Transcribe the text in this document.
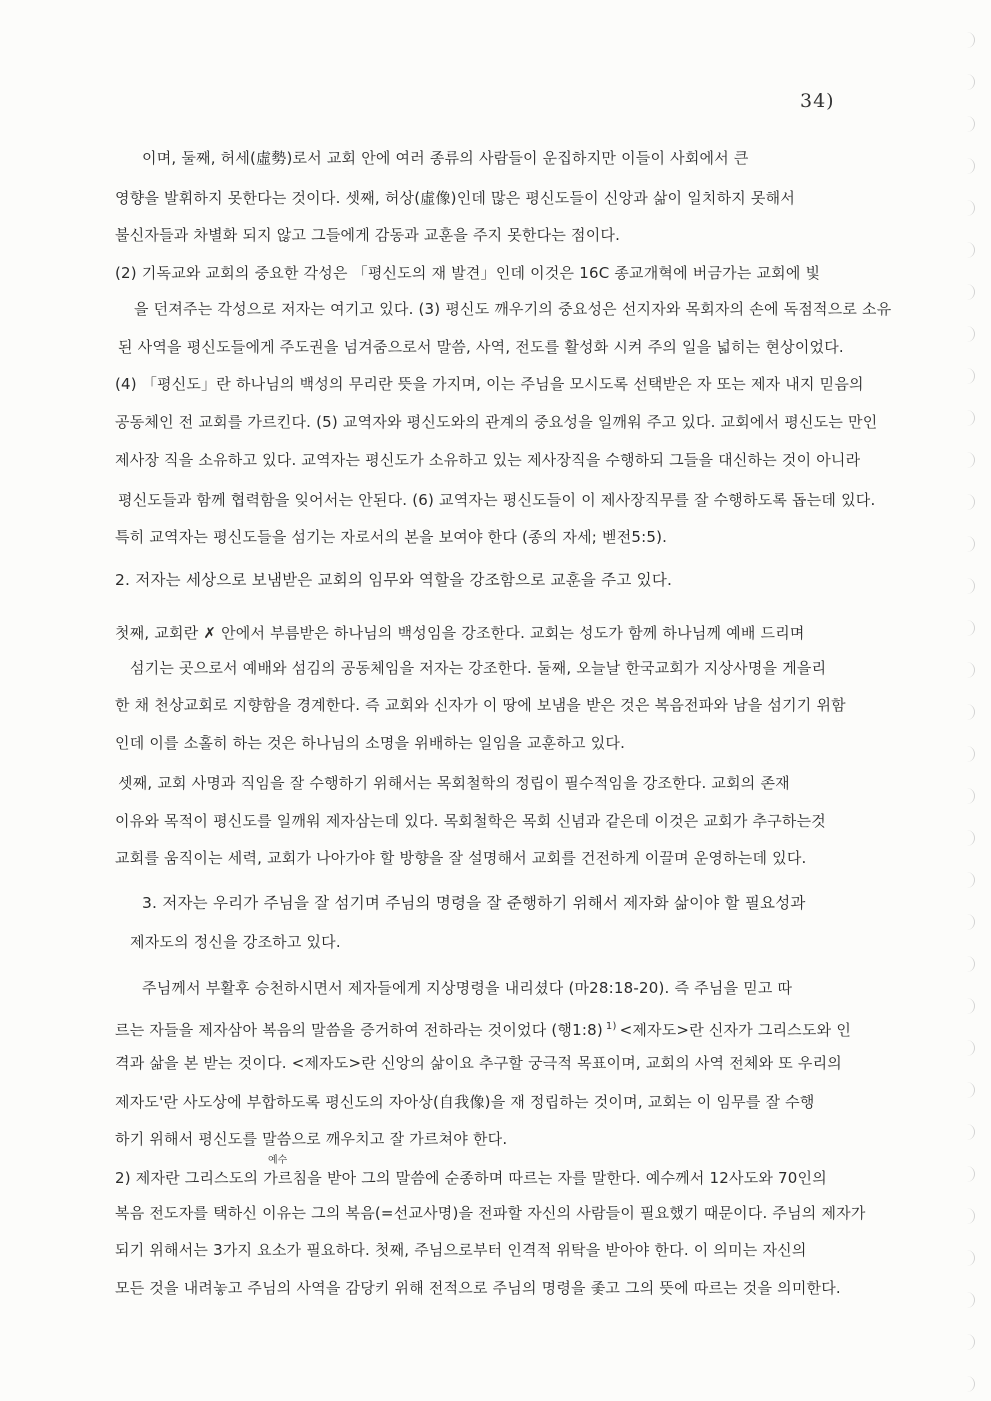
34)
이며, 둘째, 허세(虛勢)로서 교회 안에 여러 종류의 사람들이 운집하지만 이들이 사회에서 큰
영향을 발휘하지 못한다는 것이다. 셋째, 허상(虛像)인데 많은 평신도들이 신앙과 삶이 일치하지 못해서
불신자들과 차별화 되지 않고 그들에게 감동과 교훈을 주지 못한다는 점이다.
(2) 기독교와 교회의 중요한 각성은 「평신도의 재 발견」인데 이것은 16C 종교개혁에 버금가는 교회에 빛
을 던져주는 각성으로 저자는 여기고 있다. (3) 평신도 깨우기의 중요성은 선지자와 목회자의 손에 독점적으로 소유
된 사역을 평신도들에게 주도권을 넘겨줌으로서 말씀, 사역, 전도를 활성화 시켜 주의 일을 넓히는 현상이었다.
(4) 「평신도」란 하나님의 백성의 무리란 뜻을 가지며, 이는 주님을 모시도록 선택받은 자 또는 제자 내지 믿음의
공동체인 전 교회를 가르킨다. (5) 교역자와 평신도와의 관계의 중요성을 일깨워 주고 있다. 교회에서 평신도는 만인
제사장 직을 소유하고 있다. 교역자는 평신도가 소유하고 있는 제사장직을 수행하되 그들을 대신하는 것이 아니라
평신도들과 함께 협력함을 잊어서는 안된다. (6) 교역자는 평신도들이 이 제사장직무를 잘 수행하도록 돕는데 있다.
특히 교역자는 평신도들을 섬기는 자로서의 본을 보여야 한다 (종의 자세; 벧전5:5).
2. 저자는 세상으로 보냄받은 교회의 임무와 역할을 강조함으로 교훈을 주고 있다.
첫째, 교회란 ✗ 안에서 부름받은 하나님의 백성임을 강조한다. 교회는 성도가 함께 하나님께 예배 드리며
섬기는 곳으로서 예배와 섬김의 공동체임을 저자는 강조한다. 둘째, 오늘날 한국교회가 지상사명을 게을리
한 채 천상교회로 지향함을 경계한다. 즉 교회와 신자가 이 땅에 보냄을 받은 것은 복음전파와 남을 섬기기 위함
인데 이를 소홀히 하는 것은 하나님의 소명을 위배하는 일임을 교훈하고 있다.
셋째, 교회 사명과 직임을 잘 수행하기 위해서는 목회철학의 정립이 필수적임을 강조한다. 교회의 존재
이유와 목적이 평신도를 일깨워 제자삼는데 있다. 목회철학은 목회 신념과 같은데 이것은 교회가 추구하는것
교회를 움직이는 세력, 교회가 나아가야 할 방향을 잘 설명해서 교회를 건전하게 이끌며 운영하는데 있다.
3. 저자는 우리가 주님을 잘 섬기며 주님의 명령을 잘 준행하기 위해서 제자화 삶이야 할 필요성과
제자도의 정신을 강조하고 있다.
주님께서 부활후 승천하시면서 제자들에게 지상명령을 내리셨다 (마28:18-20). 즉 주님을 믿고 따
르는 자들을 제자삼아 복음의 말씀을 증거하여 전하라는 것이었다 (행1:8) $^{1)}$ <제자도>란 신자가 그리스도와 인
격과 삶을 본 받는 것이다. <제자도>란 신앙의 삶이요 추구할 궁극적 목표이며, 교회의 사역 전체와 또 우리의
제자도'란 사도상에 부합하도록 평신도의 자아상(自我像)을 재 정립하는 것이며, 교회는 이 임무를 잘 수행
하기 위해서 평신도를 말씀으로 깨우치고 잘 가르쳐야 한다.
예수
2) 제자란 그리스도의 가르침을 받아 그의 말씀에 순종하며 따르는 자를 말한다. 예수께서 12사도와 70인의
복음 전도자를 택하신 이유는 그의 복음(=선교사명)을 전파할 자신의 사람들이 필요했기 때문이다. 주님의 제자가
되기 위해서는 3가지 요소가 필요하다. 첫째, 주님으로부터 인격적 위탁을 받아야 한다. 이 의미는 자신의
모든 것을 내려놓고 주님의 사역을 감당키 위해 전적으로 주님의 명령을 좇고 그의 뜻에 따르는 것을 의미한다.
